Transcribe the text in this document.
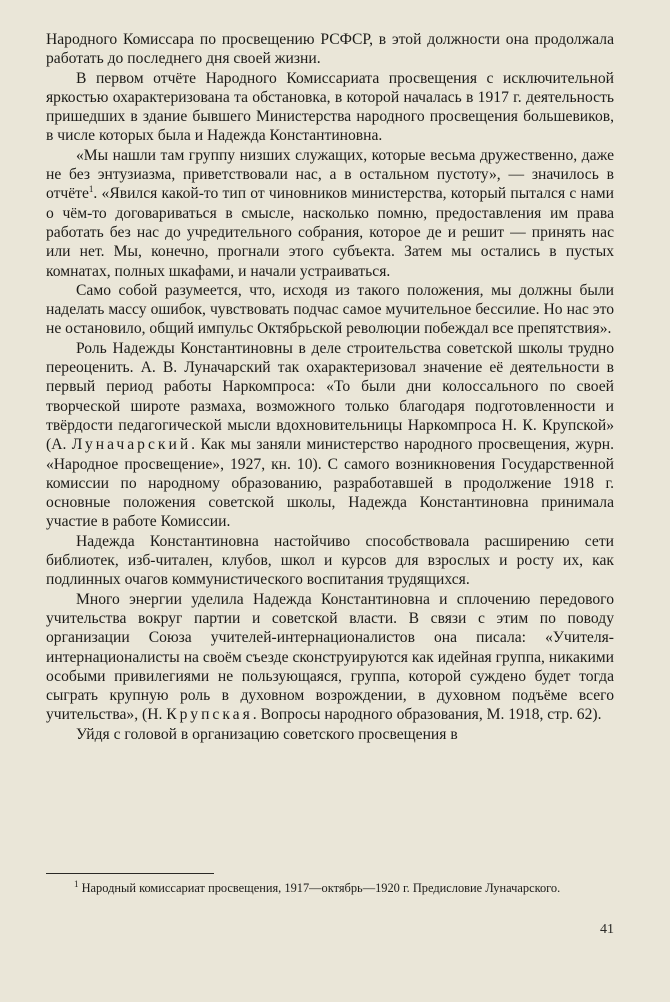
Народного Комиссара по просвещению РСФСР, в этой должности она продолжала работать до последнего дня своей жизни.

В первом отчёте Народного Комиссариата просвещения с исключительной яркостью охарактеризована та обстановка, в которой началась в 1917 г. деятельность пришедших в здание бывшего Министерства народного просвещения большевиков, в числе которых была и Надежда Константиновна.

«Мы нашли там группу низших служащих, которые весьма дружественно, даже не без энтузиазма, приветствовали нас, а в остальном пустоту», — значилось в отчёте$^1$. «Явился какой-то тип от чиновников министерства, который пытался с нами о чём-то договариваться в смысле, насколько помню, предоставления им права работать без нас до учредительного собрания, которое де и решит — принять нас или нет. Мы, конечно, прогнали этого субъекта. Затем мы остались в пустых комнатах, полных шкафами, и начали устраиваться.

Само собой разумеется, что, исходя из такого положения, мы должны были наделать массу ошибок, чувствовать подчас самое мучительное бессилие. Но нас это не остановило, общий импульс Октябрьской революции побеждал все препятствия».

Роль Надежды Константиновны в деле строительства советской школы трудно переоценить. А. В. Луначарский так охарактеризовал значение её деятельности в первый период работы Наркомпроса: «То были дни колоссального по своей творческой широте размаха, возможного только благодаря подготовленности и твёрдости педагогической мысли вдохновительницы Наркомпроса Н. К. Крупской» (А. Луначарский. Как мы заняли министерство народного просвещения, журн. «Народное просвещение», 1927, кн. 10). С самого возникновения Государственной комиссии по народному образованию, разработавшей в продолжение 1918 г. основные положения советской школы, Надежда Константиновна принимала участие в работе Комиссии.

Надежда Константиновна настойчиво способствовала расширению сети библиотек, изб-читален, клубов, школ и курсов для взрослых и росту их, как подлинных очагов коммунистического воспитания трудящихся.

Много энергии уделила Надежда Константиновна и сплочению передового учительства вокруг партии и советской власти. В связи с этим по поводу организации Союза учителей-интернационалистов она писала: «Учителя-интернационалисты на своём съезде сконструируются как идейная группа, никакими особыми привилегиями не пользующаяся, группа, которой суждено будет тогда сыграть крупную роль в духовном возрождении, в духовном подъёме всего учительства», (Н. Крупская. Вопросы народного образования, М. 1918, стр. 62).

Уйдя с головой в организацию советского просвещения в

$^1$ Народный комиссариат просвещения, 1917—октябрь—1920 г. Предисловие Луначарского.

41
